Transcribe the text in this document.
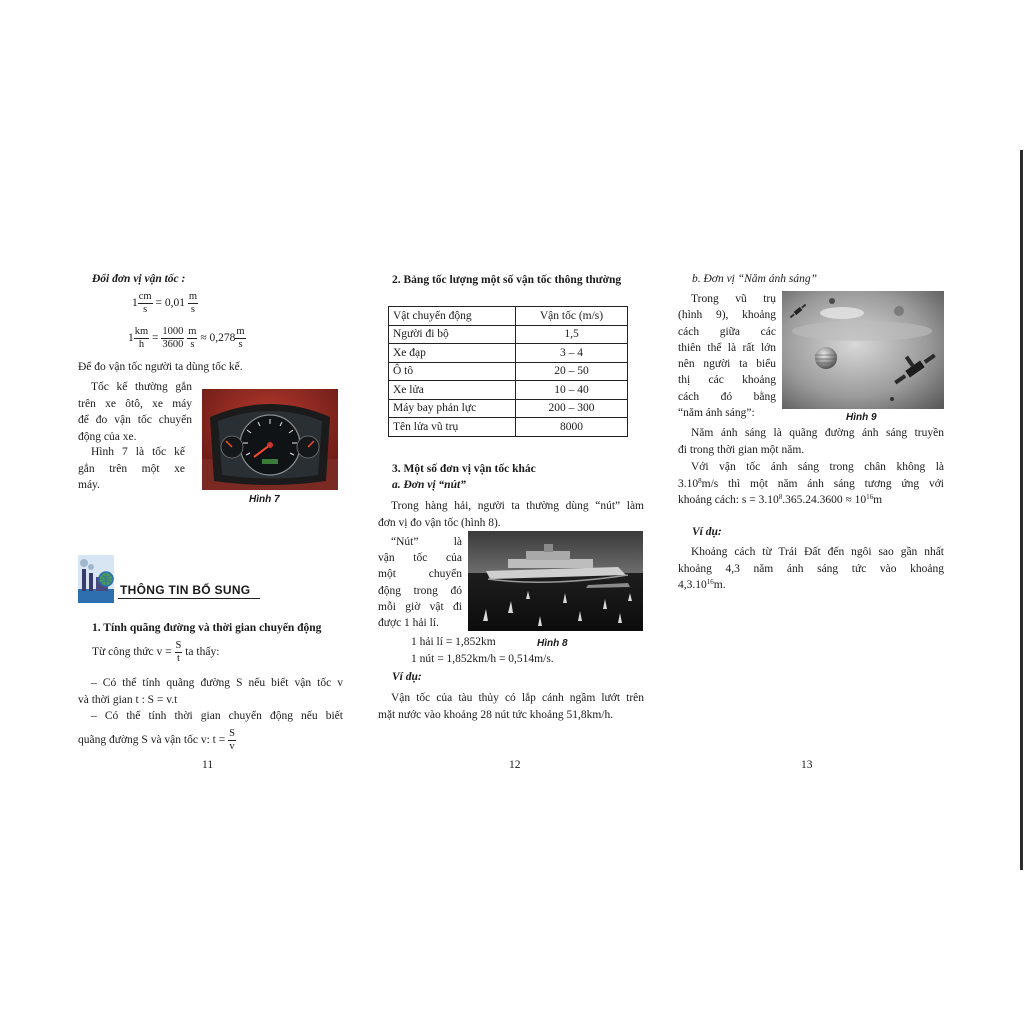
Đổi đơn vị vận tốc :
$1 \frac{cm}{s} = 0,01 \frac{m}{s}$
$1 \frac{km}{h} = \frac{1000}{3600}$
$\frac{m}{s} \approx 0,278 \frac{m}{s}$
Để đo vận tốc người ta dùng tốc kế.
Tốc kế thường gắn
trên xe ôtô, xe máy
để đo vận tốc chuyển
động của xe.
Hình 7 là tốc kế
gắn trên một xe
máy.
Hình 7
THÔNG TIN BỔ SUNG
1. Tính quãng đường và thời gian chuyển động
Từ công thức $v = \frac{S}{t}$ ta thấy:
– Có thể tính quãng đường S nếu biết vận tốc v
và thời gian t : S = v.t
– Có thể tính thời gian chuyển động nếu biết
quãng đường S và vận tốc v: $t = \frac{S}{v}$
11
2. Bảng tốc lượng một số vận tốc thông thường
Vật chuyển động	Vận tốc (m/s)
Người đi bộ	1,5
Xe đạp	3 – 4
Ô tô	20 – 50
Xe lửa	10 – 40
Máy bay phản lực	200 – 300
Tên lửa vũ trụ	8000
3. Một số đơn vị vận tốc khác
a. Đơn vị “nút”
Trong hàng hải, người ta thường dùng “nút” làm
đơn vị đo vận tốc (hình 8).
“Nút” là
vận tốc của
một chuyển
động trong đó
mỗi giờ vật đi
được 1 hải lí.
1 hải lí = 1,852km	Hình 8
1 nút = 1,852km/h = 0,514m/s.
Ví dụ:
Vận tốc của tàu thủy có lắp cánh ngầm lướt trên
mặt nước vào khoảng 28 nút tức khoảng 51,8km/h.
12
b. Đơn vị “Năm ánh sáng”
Trong vũ trụ
(hình 9), khoảng
cách giữa các
thiên thể là rất lớn
nên người ta biểu
thị các khoảng
cách đó bằng
“năm ánh sáng”:	Hình 9
Năm ánh sáng là quãng đường ánh sáng truyền
đi trong thời gian một năm.
Với vận tốc ánh sáng trong chân không là
3.10$^8$m/s thì một năm ánh sáng tương ứng với
khoảng cách: $s = 3.10^8.365.24.3600 \approx 10^{16}m$
Ví dụ:
Khoảng cách từ Trái Đất đến ngôi sao gần nhất
khoảng 4,3 năm ánh sáng tức vào khoảng
4,3.10$^{16}$m.
13
